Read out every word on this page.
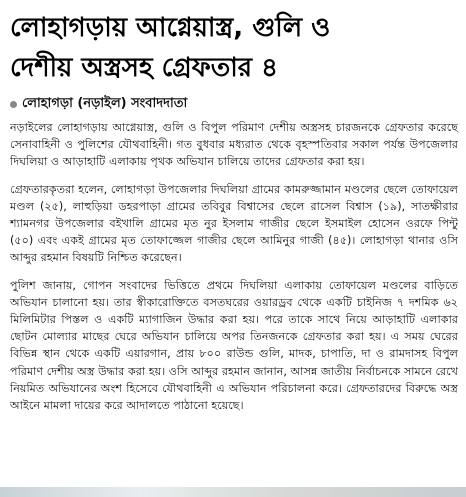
লোহাগড়ায় আগ্নেয়াস্ত্র, গুলি ও
দেশীয় অস্ত্রসহ গ্রেফতার ৪
লোহাগড়া (নড়াইল) সংবাদদাতা

নড়াইলের লোহাগড়ায় আগ্নেয়াস্ত্র, গুলি ও বিপুল পরিমাণ দেশীয় অস্ত্রসহ চারজনকে গ্রেফতার করেছে সেনাবাহিনী ও পুলিশের যৌথবাহিনী। গত বুধবার মধ্যরাত থেকে বৃহস্পতিবার সকাল পর্যন্ত উপজেলার দিঘলিয়া ও আড়াহাটি এলাকায় পৃথক অভিযান চালিয়ে তাদের গ্রেফতার করা হয়।

গ্রেফতারকৃতরা হলেন, লোহাগড়া উপজেলার দিঘলিয়া গ্রামের কামরুজ্জামান মণ্ডলের ছেলে তোফায়েল মণ্ডল (২৫), লাহুড়িয়া ডহরপাড়া গ্রামের তবিবুর বিশ্বাসের ছেলে রাসেল বিশ্বাস (১৯), সাতক্ষীরার শ্যামনগর উপজেলার বইখালি গ্রামের মৃত নুর ইসলাম গাজীর ছেলে ইসমাইল হোসেন ওরফে পিন্টু (৫০) এবং একই গ্রামের মৃত তোফাজ্জেল গাজীর ছেলে আমিনুর গাজী (৪৫)। লোহাগড়া থানার ওসি আব্দুর রহমান বিষয়টি নিশ্চিত করেছেন।

পুলিশ জানায়, গোপন সংবাদের ভিত্তিতে প্রথমে দিঘলিয়া এলাকায় তোফায়েল মণ্ডলের বাড়িতে অভিযান চালানো হয়। তার স্বীকারোক্তিতে বসতঘরের ওয়ারড্রব থেকে একটি চাইনিজ ৭ দশমিক ৬২ মিলিমিটার পিস্তল ও একটি ম্যাগাজিন উদ্ধার করা হয়। পরে তাকে সাথে নিয়ে আড়াহাটি এলাকার ছোটন মোল্যার মাছের ঘেরে অভিযান চালিয়ে অপর তিনজনকে গ্রেফতার করা হয়। এ সময় ঘেরের বিভিন্ন স্থান থেকে একটি এয়ারগান, প্রায় ৮০০ রাউন্ড গুলি, মাদক, চাপাতি, দা ও রামদাসহ বিপুল পরিমাণ দেশীয় অস্ত্র উদ্ধার করা হয়। ওসি আব্দুর রহমান জানান, আসন্ন জাতীয় নির্বাচনকে সামনে রেখে নিয়মিত অভিযানের অংশ হিসেবে যৌথবাহিনী এ অভিযান পরিচালনা করে। গ্রেফতারদের বিরুদ্ধে অস্ত্র আইনে মামলা দায়ের করে আদালতে পাঠানো হয়েছে।
